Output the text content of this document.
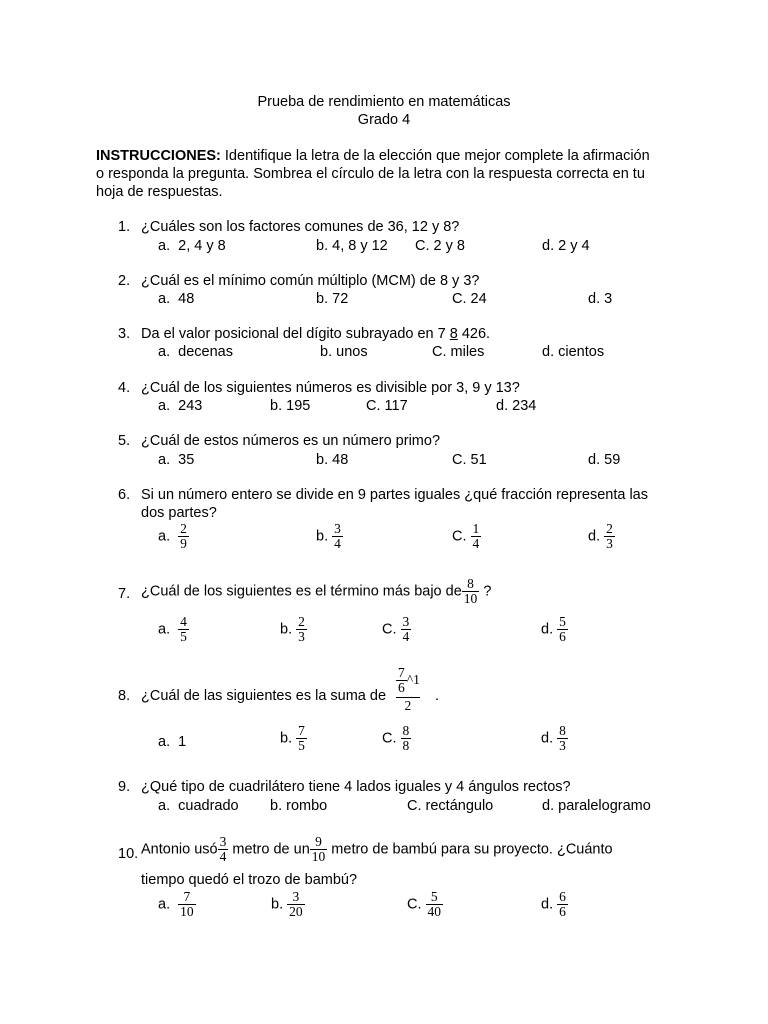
Prueba de rendimiento en matemáticas
Grado 4
INSTRUCCIONES: Identifique la letra de la elección que mejor complete la afirmación
o responda la pregunta. Sombrea el círculo de la letra con la respuesta correcta en tu
hoja de respuestas.
1. ¿Cuáles son los factores comunes de 36, 12 y 8?
a. 2, 4 y 8	b. 4, 8 y 12 C. 2 y 8	d. 2 y 4
2. ¿Cuál es el mínimo común múltiplo (MCM) de 8 y 3?
a. 48	b. 72	C. 24	d. 3
3. Da el valor posicional del dígito subrayado en 7 8 426.
a. decenas	b. unos	C. miles	d. cientos
4. ¿Cuál de los siguientes números es divisible por 3, 9 y 13?
a. 243	b. 195	C. 117	d. 234
5. ¿Cuál de estos números es un número primo?
a. 35	b. 48	C. 51	d. 59
6. Si un número entero se divide en 9 partes iguales ¿qué fracción representa las
dos partes?
a. $\frac{2}{9}$	b. $\frac{3}{4}$	C. $\frac{1}{4}$	d. $\frac{2}{3}$
7. ¿Cuál de los siguientes es el término más bajo de $\frac{8}{10}$ ?
a. $\frac{4}{5}$	b. $\frac{2}{3}$	C. $\frac{3}{4}$	d. $\frac{5}{6}$
8. ¿Cuál de las siguientes es la suma de
$\frac{7}{6}$ ^1
2
.
a. 1	b. $\frac{7}{5}$	C. $\frac{8}{8}$	d. $\frac{8}{3}$
9. ¿Qué tipo de cuadrilátero tiene 4 lados iguales y 4 ángulos rectos?
a. cuadrado b. rombo	C. rectángulo	d. paralelogramo
10. Antonio usó $\frac{3}{4}$ metro de un $\frac{9}{10}$ metro de bambú para su proyecto. ¿Cuánto
tiempo quedó el trozo de bambú?
a. $\frac{7}{10}$	b. $\frac{3}{20}$	C. $\frac{5}{40}$	d. $\frac{6}{6}$
